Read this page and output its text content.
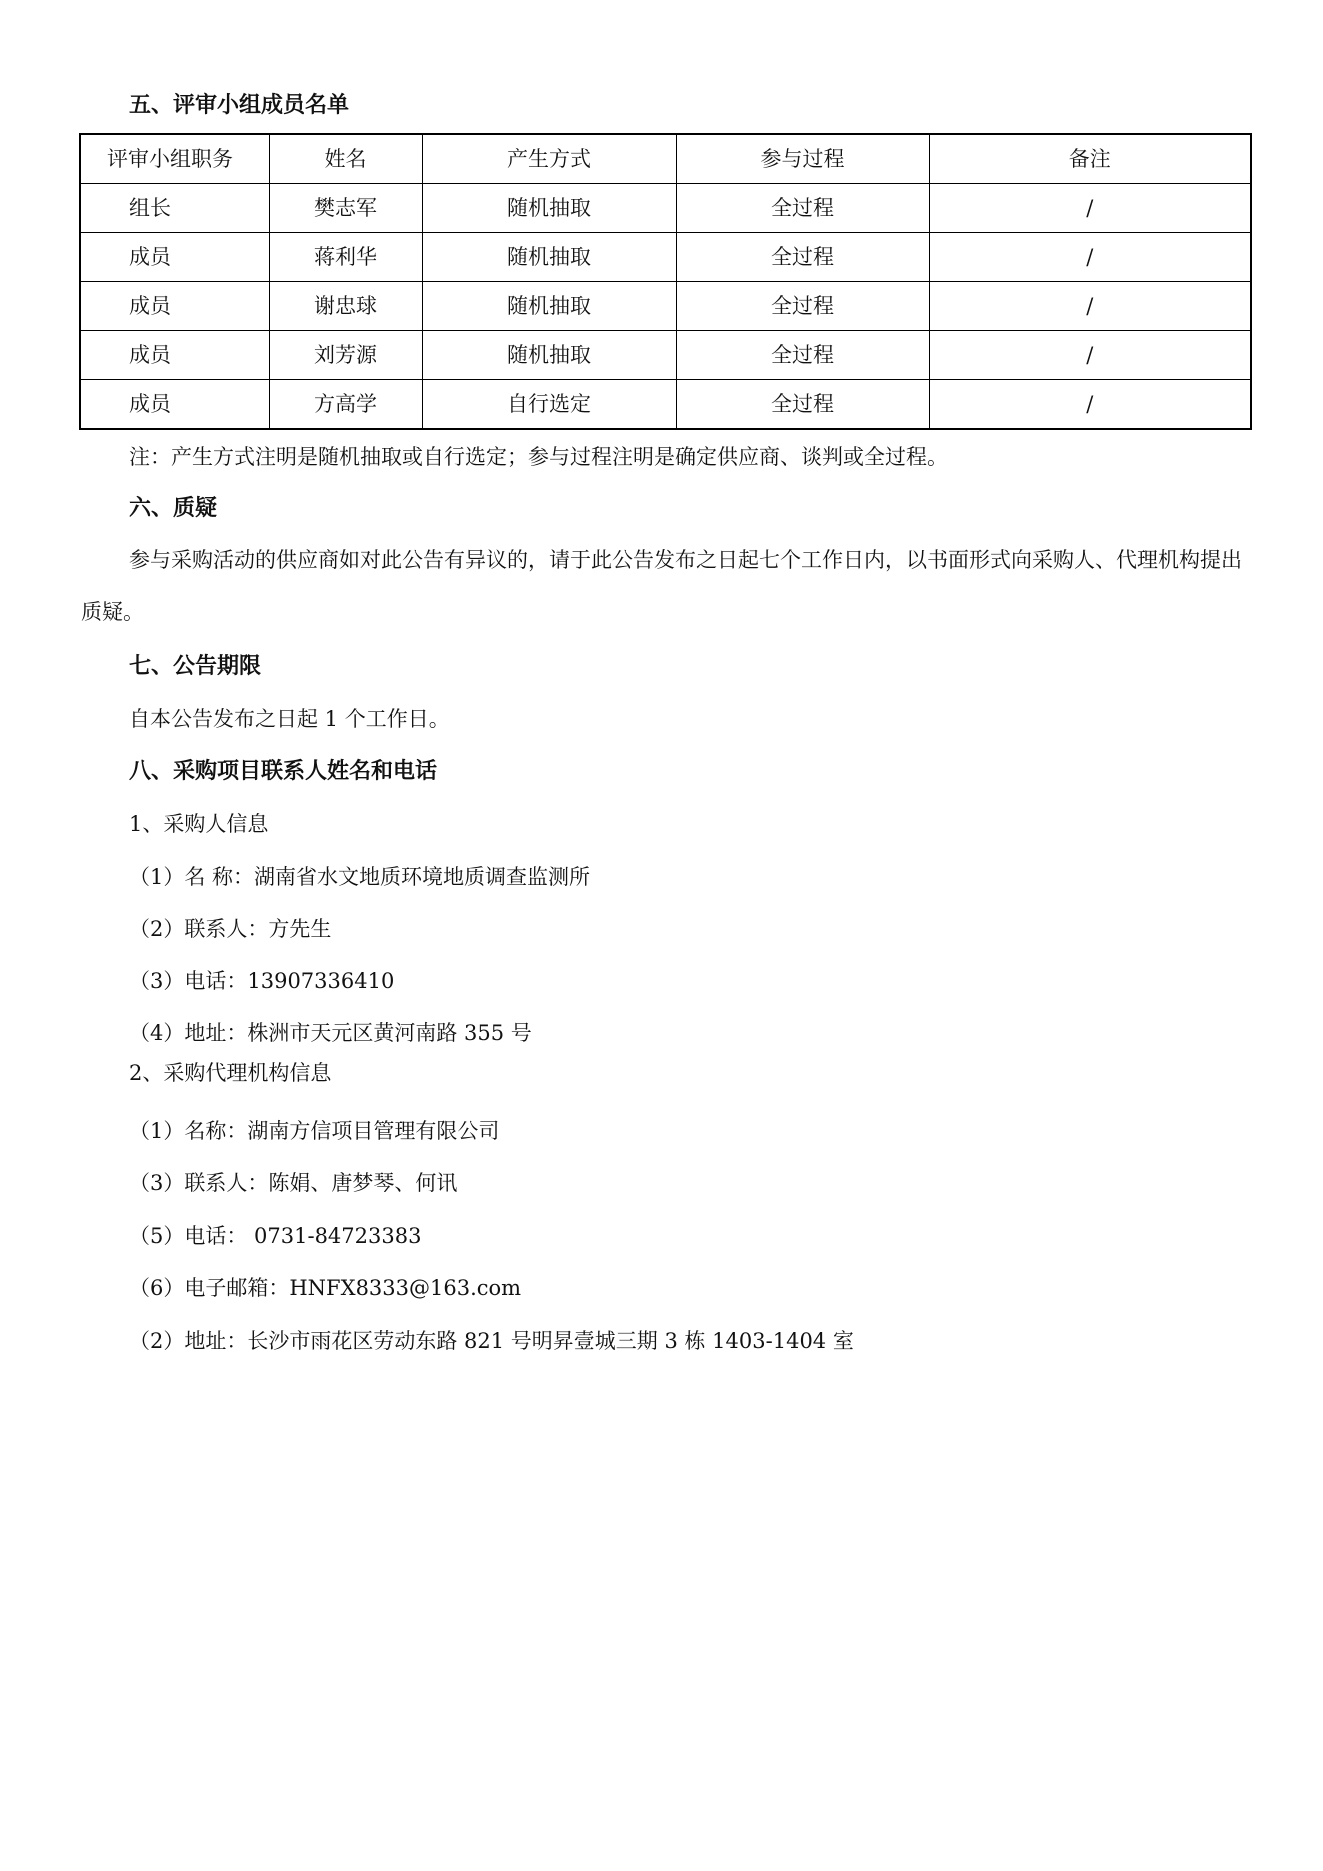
五、评审小组成员名单
评审小组职务	姓名	产生方式	参与过程	备注
组长	樊志军	随机抽取	全过程	/
成员	蒋利华	随机抽取	全过程	/
成员	谢忠球	随机抽取	全过程	/
成员	刘芳源	随机抽取	全过程	/
成员	方高学	自行选定	全过程	/
注：产生方式注明是随机抽取或自行选定；参与过程注明是确定供应商、谈判或全过程。
六、质疑
参与采购活动的供应商如对此公告有异议的，请于此公告发布之日起七个工作日内，以书面形式向采购人、代理机构提出质疑。
七、公告期限
自本公告发布之日起 1 个工作日。
八、采购项目联系人姓名和电话
1、采购人信息
（1）名 称：湖南省水文地质环境地质调查监测所
（2）联系人：方先生
（3）电话：13907336410
（4）地址：株洲市天元区黄河南路 355 号
2、采购代理机构信息
（1）名称：湖南方信项目管理有限公司
（3）联系人：陈娟、唐梦琴、何讯
（5）电话： 0731-84723383
（6）电子邮箱：HNFX8333@163.com
（2）地址：长沙市雨花区劳动东路 821 号明昇壹城三期 3 栋 1403-1404 室
